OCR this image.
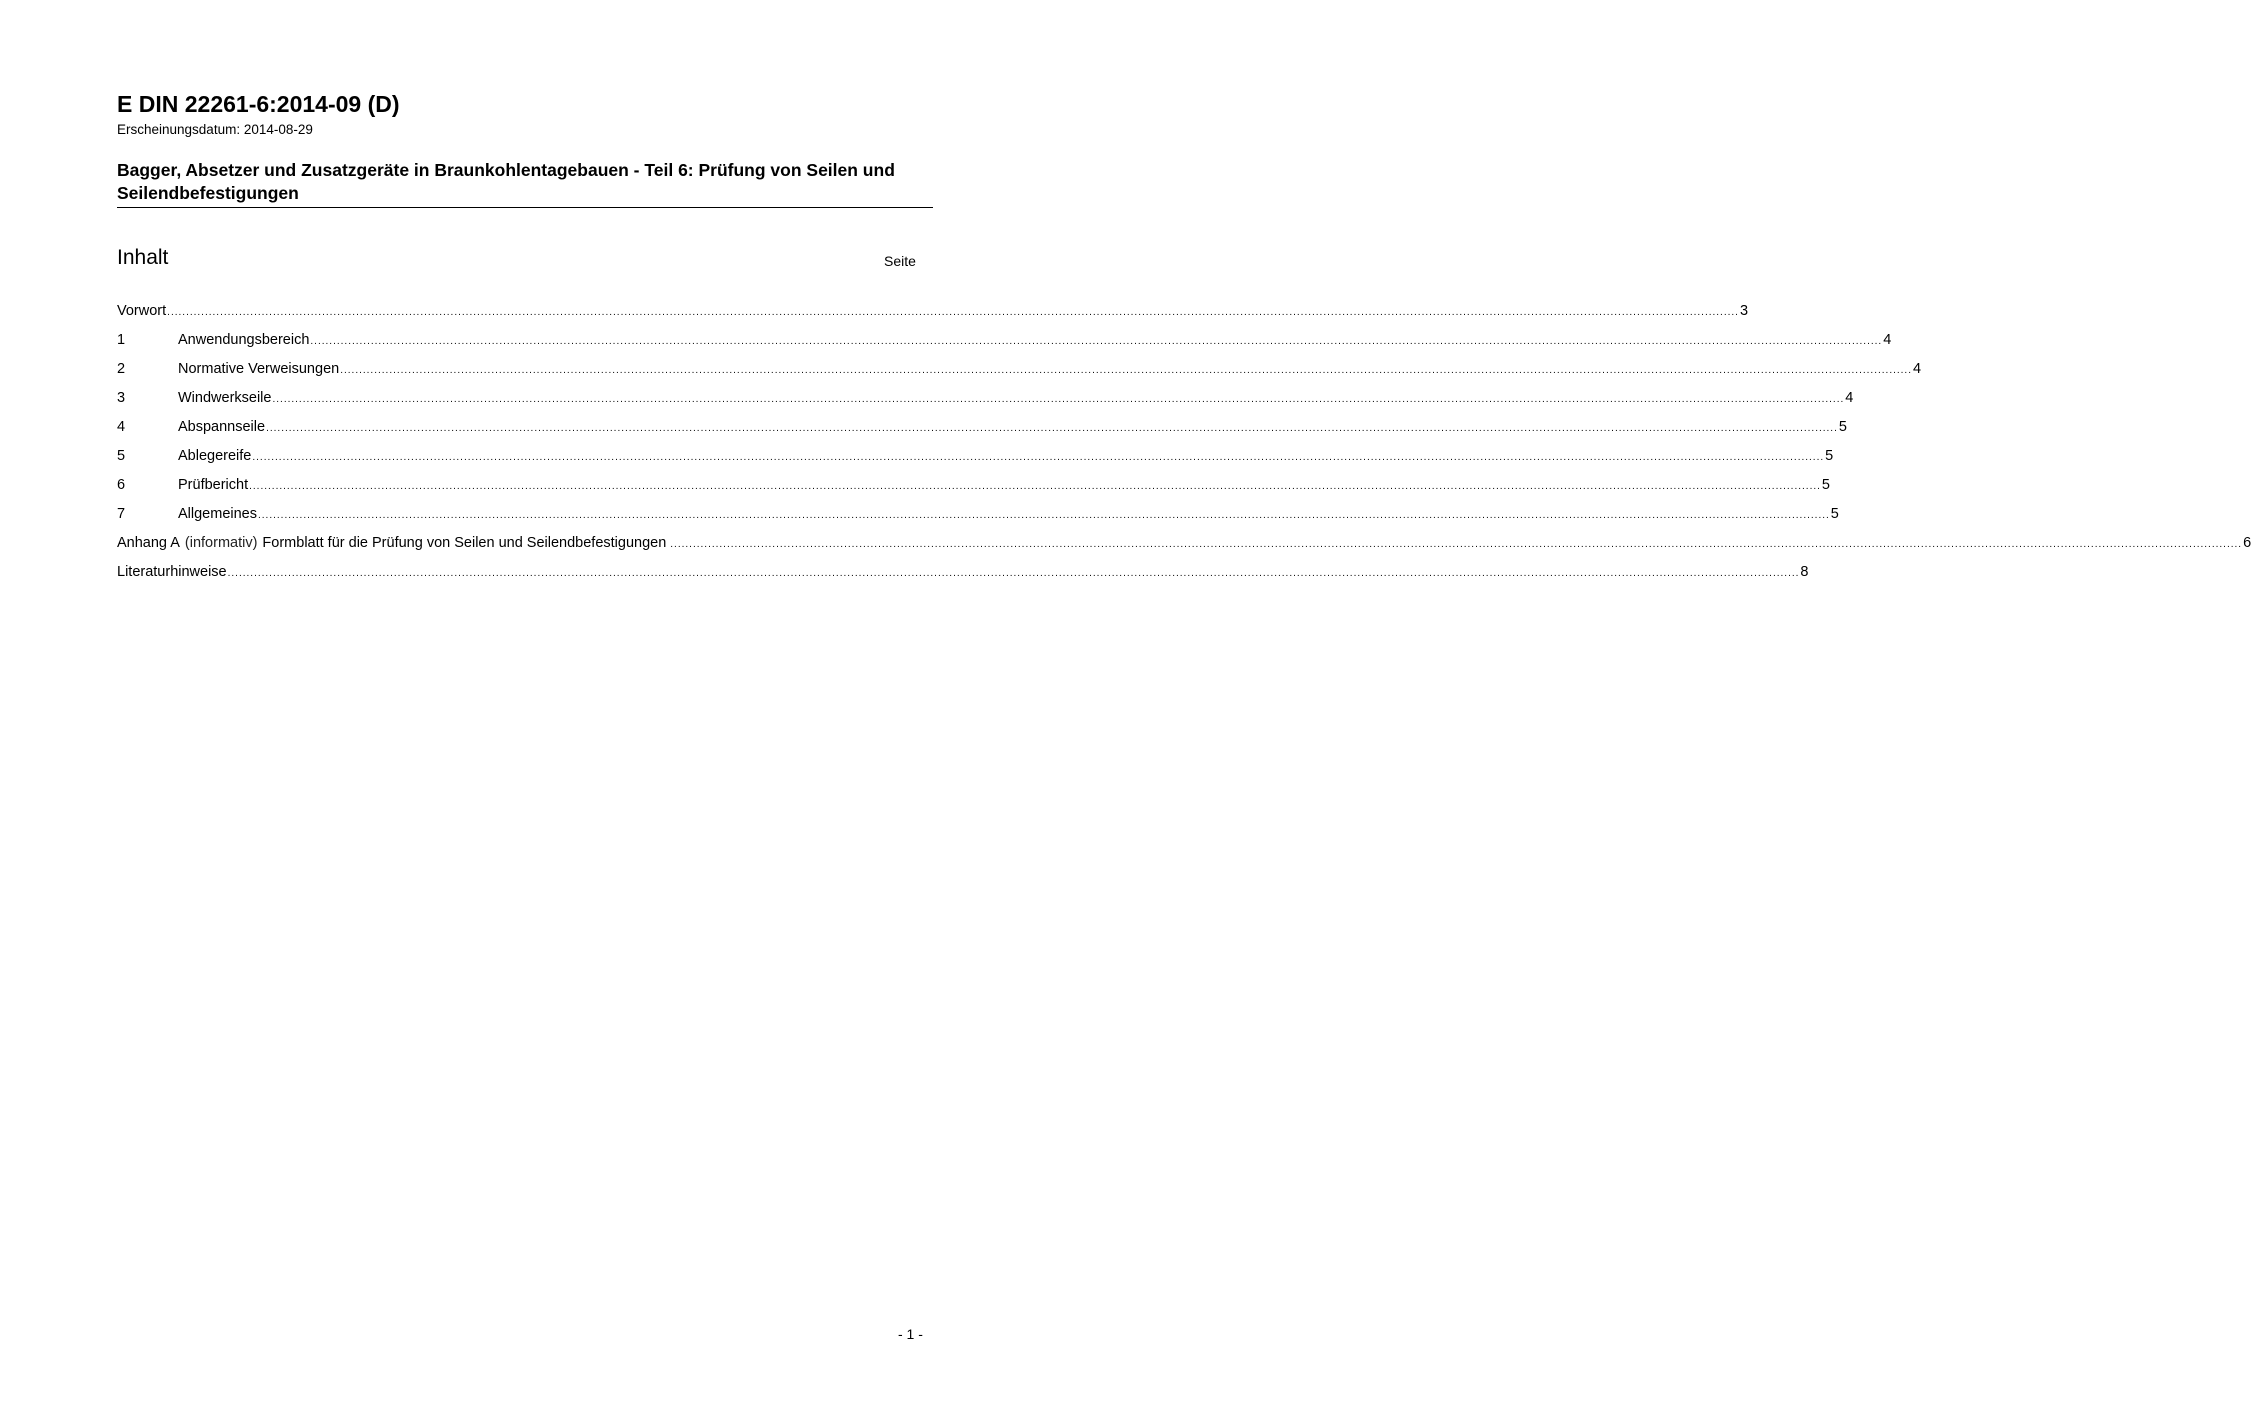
E DIN 22261-6:2014-09 (D)
Erscheinungsdatum: 2014-08-29
Bagger, Absetzer und Zusatzgeräte in Braunkohlentagebauen - Teil 6: Prüfung von Seilen und Seilendbefestigungen
Inhalt	Seite
Vorwort ................................................................................................................................................................................................................................................................................................................................................................................................................................ 3
1	Anwendungsbereich ................................................................................................................................................................................................................................................................................................................................................................................................................................ 4
2	Normative Verweisungen ................................................................................................................................................................................................................................................................................................................................................................................................................................ 4
3	Windwerkseile ................................................................................................................................................................................................................................................................................................................................................................................................................................ 4
4	Abspannseile ................................................................................................................................................................................................................................................................................................................................................................................................................................ 5
5	Ablegereife ................................................................................................................................................................................................................................................................................................................................................................................................................................ 5
6	Prüfbericht ................................................................................................................................................................................................................................................................................................................................................................................................................................ 5
7	Allgemeines ................................................................................................................................................................................................................................................................................................................................................................................................................................ 5
Anhang A (informativ) Formblatt für die Prüfung von Seilen und Seilendbefestigungen ................................................................................................................................................................................................................................................................................................................................................................................................................................ 6
Literaturhinweise ................................................................................................................................................................................................................................................................................................................................................................................................................................ 8
- 1 -
